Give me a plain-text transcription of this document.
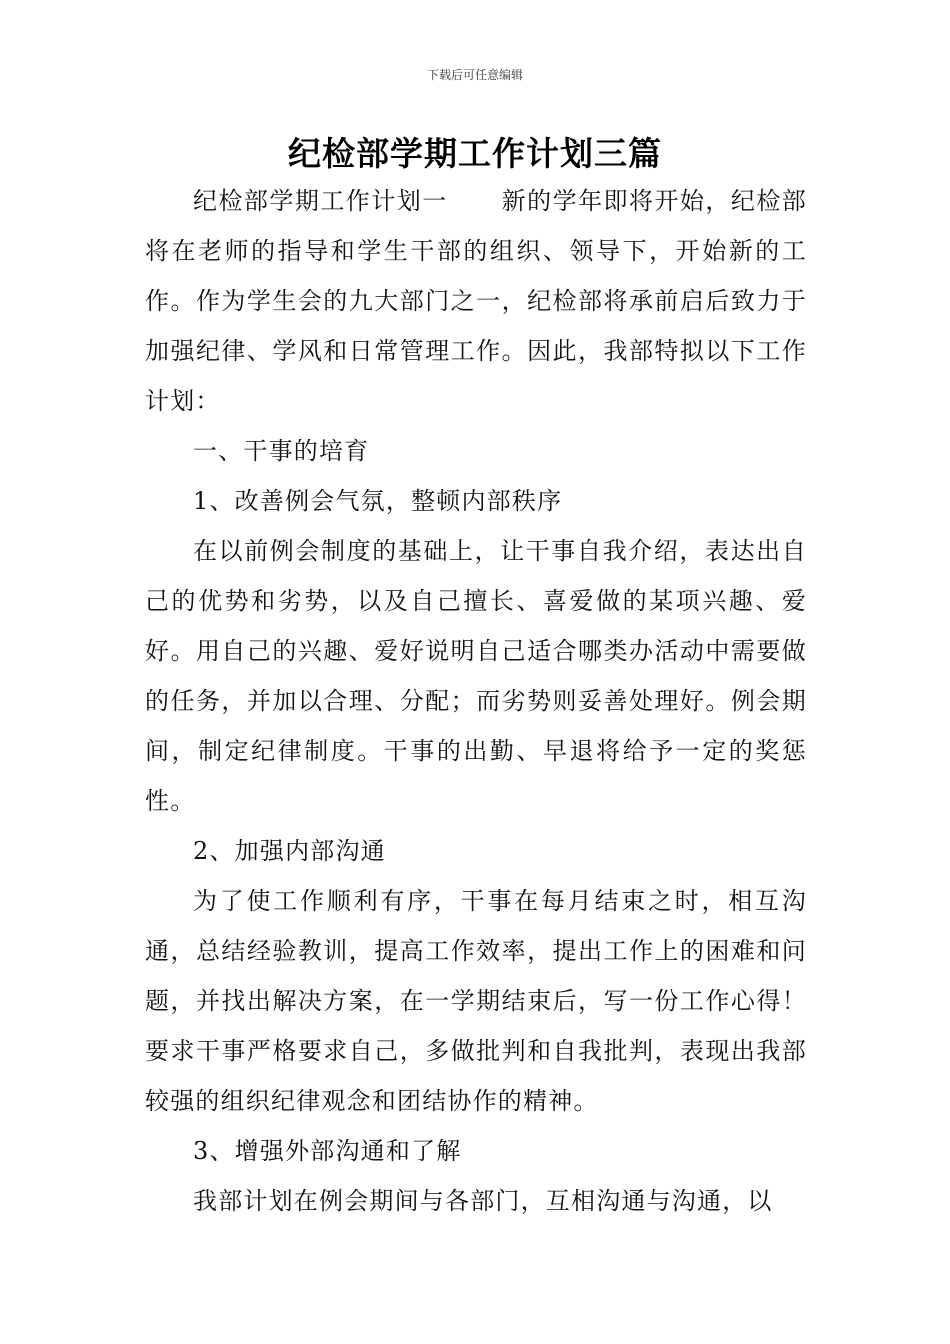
下载后可任意编辑
纪检部学期工作计划三篇

纪检部学期工作计划一 新的学年即将开始，纪检部将在老师的指导和学生干部的组织、领导下，开始新的工作。作为学生会的九大部门之一，纪检部将承前启后致力于加强纪律、学风和日常管理工作。因此，我部特拟以下工作计划：

一、干事的培育

1、改善例会气氛，整顿内部秩序

在以前例会制度的基础上，让干事自我介绍，表达出自己的优势和劣势，以及自己擅长、喜爱做的某项兴趣、爱好。用自己的兴趣、爱好说明自己适合哪类办活动中需要做的任务，并加以合理、分配；而劣势则妥善处理好。例会期间，制定纪律制度。干事的出勤、早退将给予一定的奖惩性。

2、加强内部沟通

为了使工作顺利有序，干事在每月结束之时，相互沟通，总结经验教训，提高工作效率，提出工作上的困难和问题，并找出解决方案，在一学期结束后，写一份工作心得！要求干事严格要求自己，多做批判和自我批判，表现出我部较强的组织纪律观念和团结协作的精神。

3、增强外部沟通和了解

我部计划在例会期间与各部门，互相沟通与沟通，以
